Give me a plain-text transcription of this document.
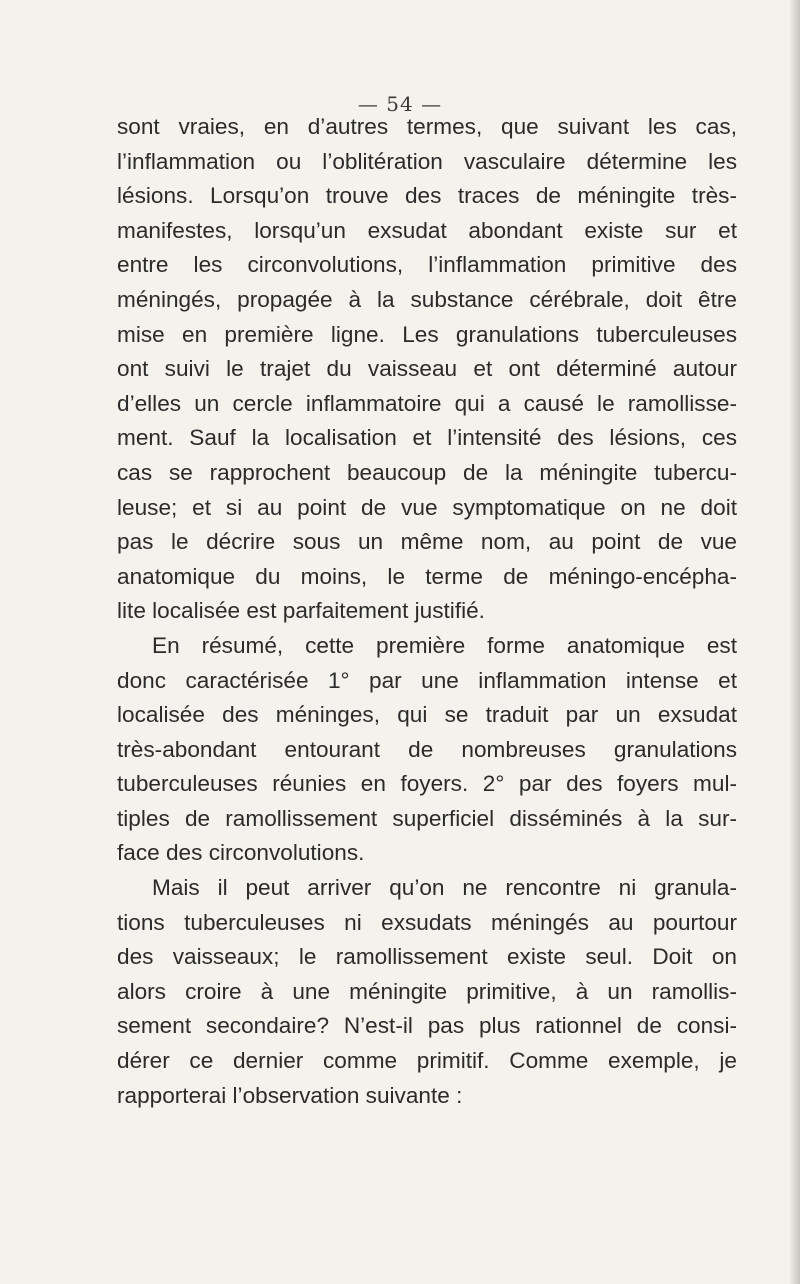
— 54 —
sont vraies, en d’autres termes, que suivant les cas,
l’inflammation ou l’oblitération vasculaire détermine les
lésions. Lorsqu’on trouve des traces de méningite très-
manifestes, lorsqu’un exsudat abondant existe sur et
entre les circonvolutions, l’inflammation primitive des
méningés, propagée à la substance cérébrale, doit être
mise en première ligne. Les granulations tuberculeuses
ont suivi le trajet du vaisseau et ont déterminé autour
d’elles un cercle inflammatoire qui a causé le ramollisse-
ment. Sauf la localisation et l’intensité des lésions, ces
cas se rapprochent beaucoup de la méningite tubercu-
leuse; et si au point de vue symptomatique on ne doit
pas le décrire sous un même nom, au point de vue
anatomique du moins, le terme de méningo-encépha-
lite localisée est parfaitement justifié.
En résumé, cette première forme anatomique est
donc caractérisée 1° par une inflammation intense et
localisée des méninges, qui se traduit par un exsudat
très-abondant entourant de nombreuses granulations
tuberculeuses réunies en foyers. 2° par des foyers mul-
tiples de ramollissement superficiel disséminés à la sur-
face des circonvolutions.
Mais il peut arriver qu’on ne rencontre ni granula-
tions tuberculeuses ni exsudats méningés au pourtour
des vaisseaux; le ramollissement existe seul. Doit on
alors croire à une méningite primitive, à un ramollis-
sement secondaire? N’est-il pas plus rationnel de consi-
dérer ce dernier comme primitif. Comme exemple, je
rapporterai l’observation suivante :
